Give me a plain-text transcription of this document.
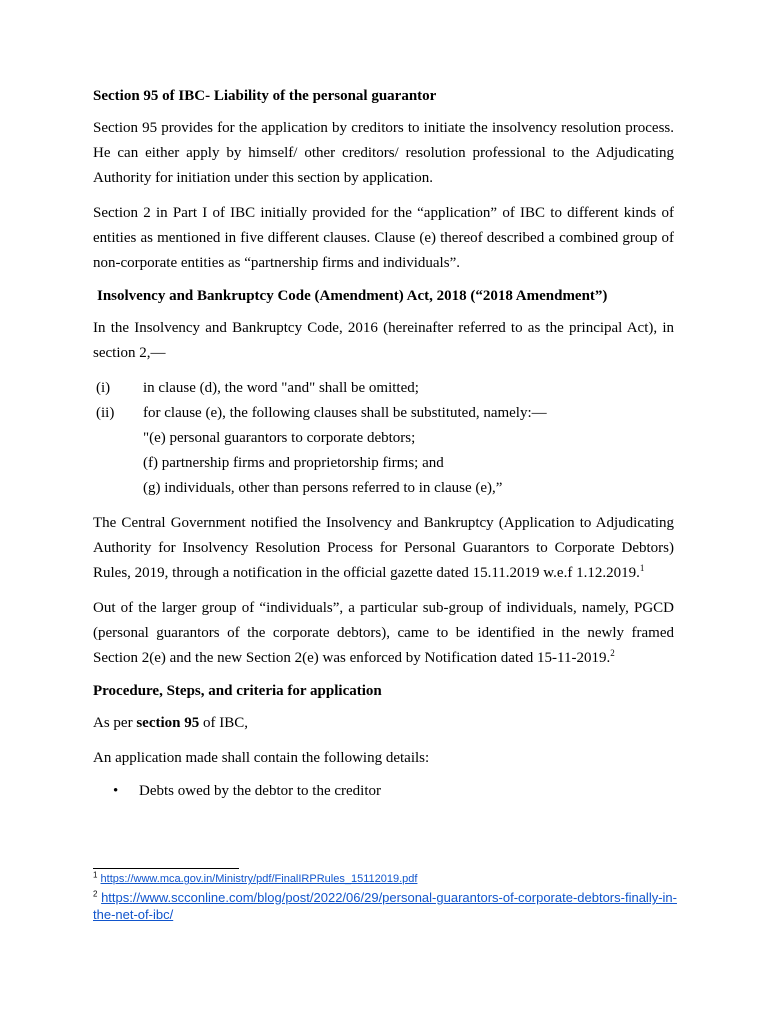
Section 95 of IBC- Liability of the personal guarantor

Section 95 provides for the application by creditors to initiate the insolvency resolution process. He can either apply by himself/ other creditors/ resolution professional to the Adjudicating Authority for initiation under this section by application.

Section 2 in Part I of IBC initially provided for the “application” of IBC to different kinds of entities as mentioned in five different clauses. Clause (e) thereof described a combined group of non-corporate entities as “partnership firms and individuals”.

Insolvency and Bankruptcy Code (Amendment) Act, 2018 (“2018 Amendment”)

In the Insolvency and Bankruptcy Code, 2016 (hereinafter referred to as the principal Act), in section 2,—

(i)	in clause (d), the word "and" shall be omitted;
(ii)	for clause (e), the following clauses shall be substituted, namely:—
"(e) personal guarantors to corporate debtors;
(f) partnership firms and proprietorship firms; and
(g) individuals, other than persons referred to in clause (e),”

The Central Government notified the Insolvency and Bankruptcy (Application to Adjudicating Authority for Insolvency Resolution Process for Personal Guarantors to Corporate Debtors) Rules, 2019, through a notification in the official gazette dated 15.11.2019 w.e.f 1.12.2019.$^1$

Out of the larger group of “individuals”, a particular sub-group of individuals, namely, PGCD (personal guarantors of the corporate debtors), came to be identified in the newly framed Section 2(e) and the new Section 2(e) was enforced by Notification dated 15-11-2019.$^2$

Procedure, Steps, and criteria for application

As per section 95 of IBC,

An application made shall contain the following details:

•	Debts owed by the debtor to the creditor
$^1$ https://www.mca.gov.in/Ministry/pdf/FinalIRPRules_15112019.pdf
$^2$ https://www.scconline.com/blog/post/2022/06/29/personal-guarantors-of-corporate-debtors-finally-in-the-net-of-ibc/
